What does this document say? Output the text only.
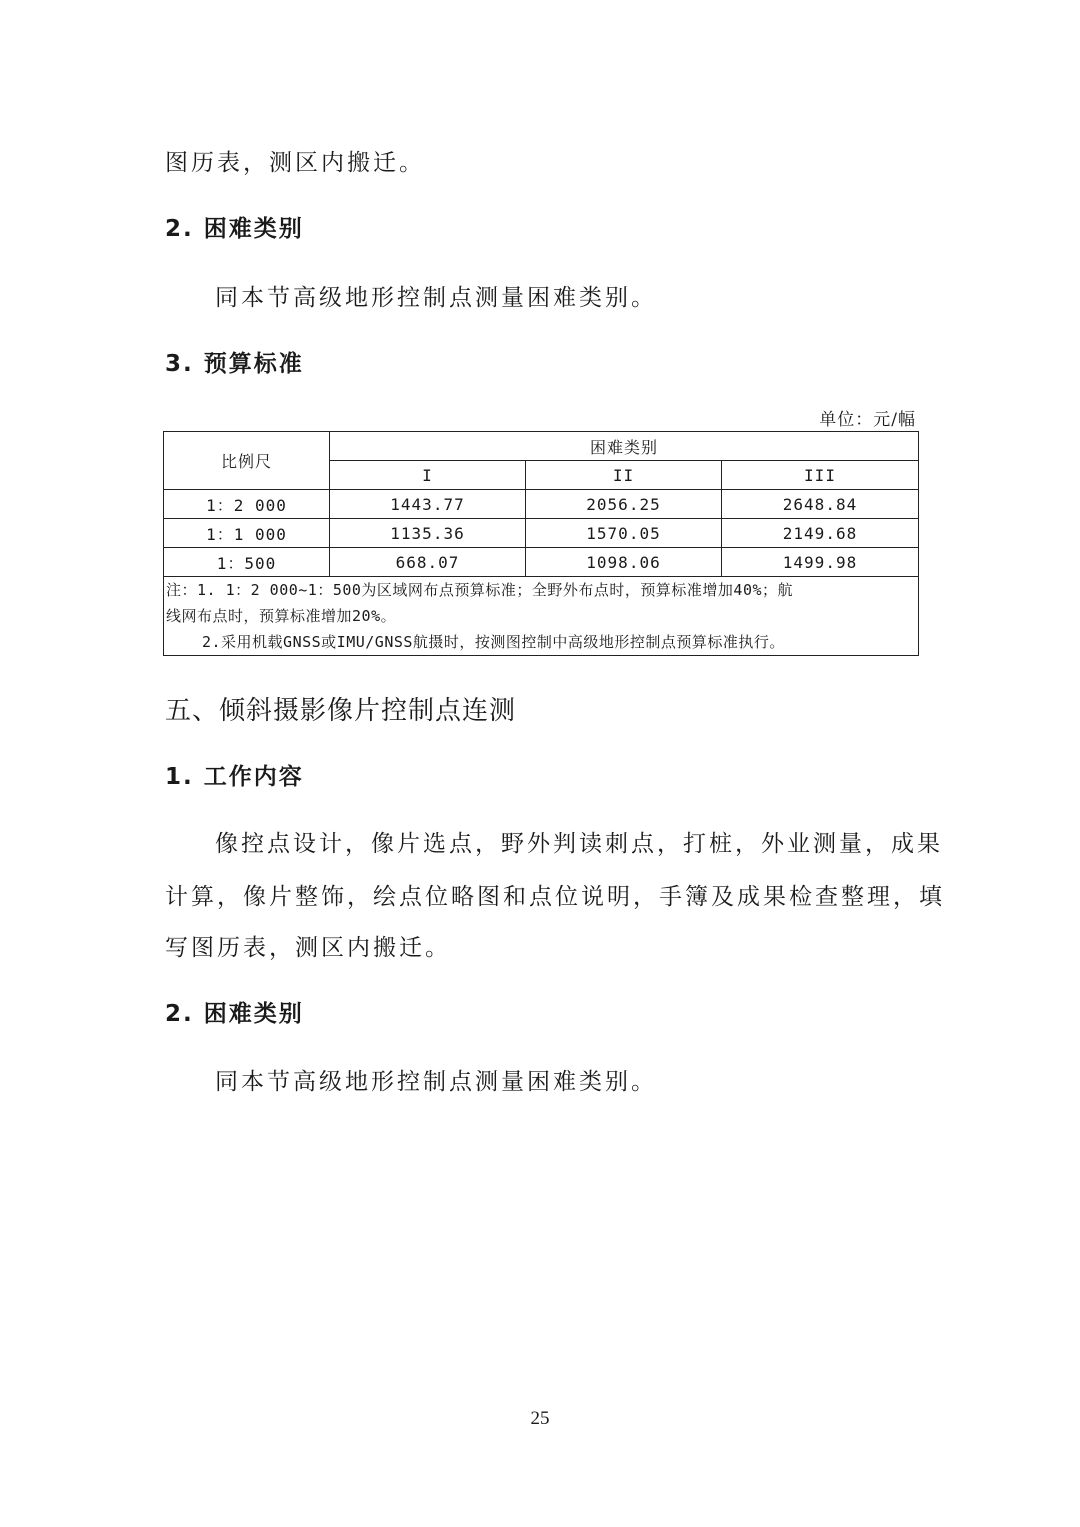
图历表，测区内搬迁。
2. 困难类别
同本节高级地形控制点测量困难类别。
3. 预算标准
单位：元/幅
比例尺	困难类别		
	I	II	III
1：2 000	1443.77	2056.25	2648.84
1：1 000	1135.36	1570.05	2149.68
1：500	668.07	1098.06	1499.98

注：1. 1：2 000~1：500为区域网布点预算标准；全野外布点时，预算标准增加40%；航
线网布点时，预算标准增加20%。
2.采用机载GNSS或IMU/GNSS航摄时，按测图控制中高级地形控制点预算标准执行。			
五、倾斜摄影像片控制点连测
1. 工作内容
像控点设计，像片选点，野外判读刺点，打桩，外业测量，成果
计算，像片整饰，绘点位略图和点位说明，手簿及成果检查整理，填
写图历表，测区内搬迁。
2. 困难类别
同本节高级地形控制点测量困难类别。
25
